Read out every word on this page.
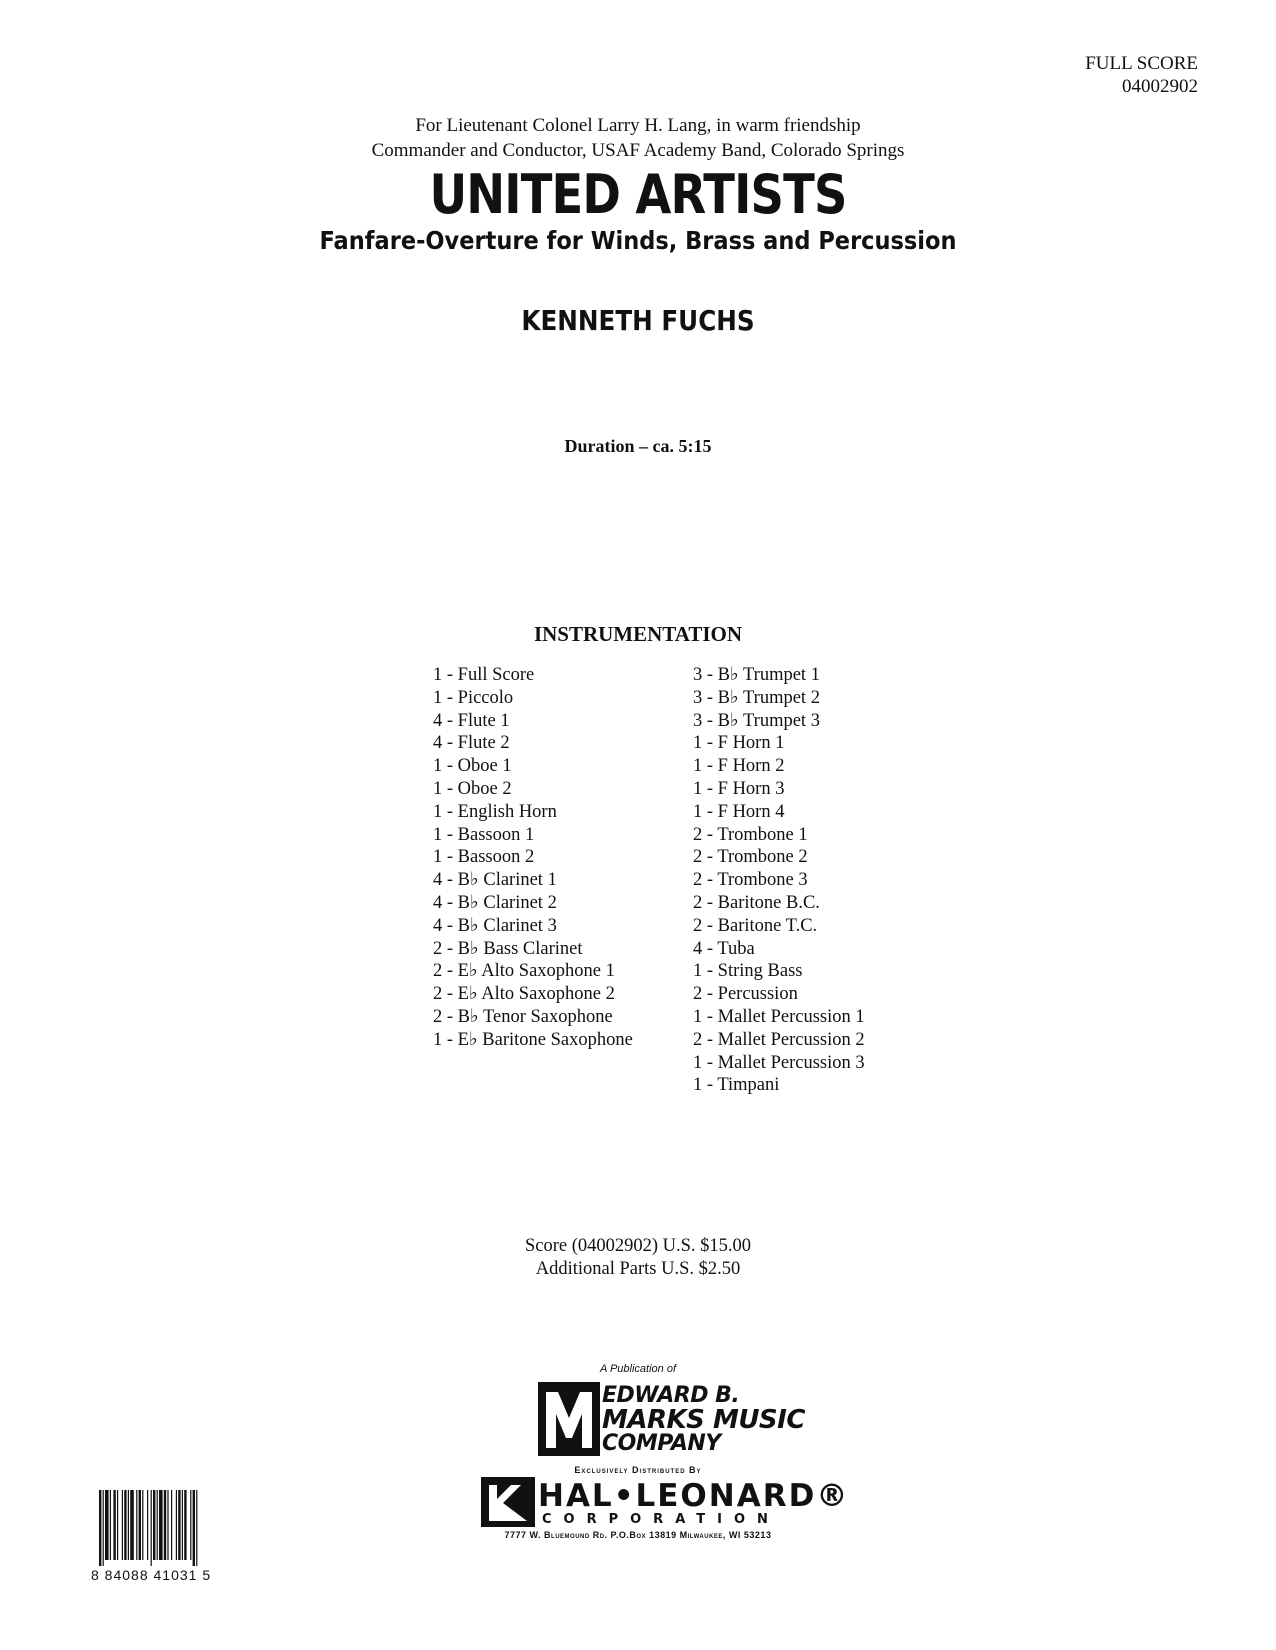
FULL SCORE
04002902
For Lieutenant Colonel Larry H. Lang, in warm friendship
Commander and Conductor, USAF Academy Band, Colorado Springs
UNITED ARTISTS
Fanfare-Overture for Winds, Brass and Percussion
KENNETH FUCHS
Duration – ca. 5:15
INSTRUMENTATION
1 - Full Score
1 - Piccolo
4 - Flute 1
4 - Flute 2
1 - Oboe 1
1 - Oboe 2
1 - English Horn
1 - Bassoon 1
1 - Bassoon 2
4 - B♭ Clarinet 1
4 - B♭ Clarinet 2
4 - B♭ Clarinet 3
2 - B♭ Bass Clarinet
2 - E♭ Alto Saxophone 1
2 - E♭ Alto Saxophone 2
2 - B♭ Tenor Saxophone
1 - E♭ Baritone Saxophone
3 - B♭ Trumpet 1
3 - B♭ Trumpet 2
3 - B♭ Trumpet 3
1 - F Horn 1
1 - F Horn 2
1 - F Horn 3
1 - F Horn 4
2 - Trombone 1
2 - Trombone 2
2 - Trombone 3
2 - Baritone B.C.
2 - Baritone T.C.
4 - Tuba
1 - String Bass
2 - Percussion
1 - Mallet Percussion 1
2 - Mallet Percussion 2
1 - Mallet Percussion 3
1 - Timpani
Score (04002902) U.S. $15.00
Additional Parts U.S. $2.50
A Publication of
EDWARD B.
MARKS MUSIC
COMPANY
Exclusively Distributed By
HAL•LEONARD®
CORPORATION
7777 W. Bluemound Rd. P.O.Box 13819 Milwaukee, WI 53213
8 84088 41031 5
